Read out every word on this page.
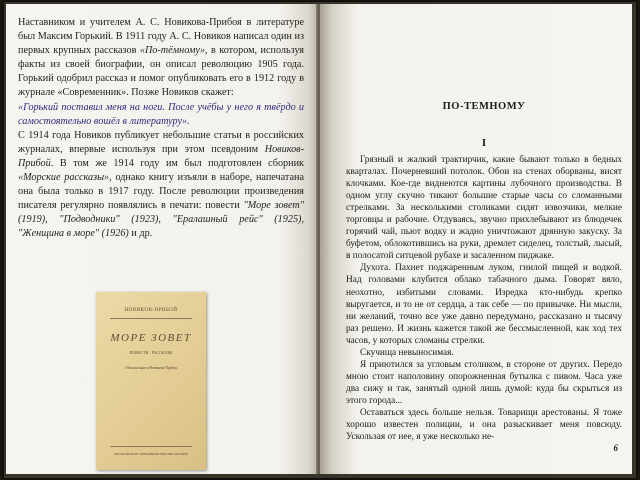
Наставником и учителем А. С. Новикова-Прибоя в литературе был Максим Горький. В 1911 году А. С. Новиков написал один из первых крупных рассказов «По-тёмному», в котором, используя факты из своей биографии, он описал революцию 1905 года. Горький одобрил рассказ и помог опубликовать его в 1912 году в журнале «Современник». Позже Новиков скажет:

«Горький поставил меня на ноги. После учёбы у него я твёрдо и самостоятельно вошёл в литературу».

С 1914 года Новиков публикует небольшие статьи в российских журналах, впервые используя при этом псевдоним Новиков-Прибой. В том же 1914 году им был подготовлен сборник «Морские рассказы», однако книгу изъяли в наборе, напечатана она была только в 1917 году. После революции произведения писателя регулярно появлялись в печати: повести "Море зовет" (1919), "Подводники" (1923), "Ералашный рейс" (1925), "Женщина в море" (1926) и др.

НОВИКОВ-ПРИБОЙ
МОРЕ ЗОВЕТ
ПОВЕСТИ · РАССКАЗЫ
Обложка книги Новикова-Прибоя
МОСКОВСКОЕ ТОВАРИЩЕСТВО ПИСАТЕЛЕЙ
ПО-ТЕМНОМУ
I

Грязный и жалкий трактирчик, какие бывают только в бедных кварталах. Почерневший потолок. Обои на стенах оборваны, висят клочками. Кое-где виднеются картины лубочного производства. В одном углу скучно тикают большие старые часы со сломанными стрелками. За несколькими столиками сидят извозчики, мелкие торговцы и рабочие. Отдуваясь, звучно прихлебывают из блюдечек горячий чай, пьют водку и жадно уничтожают дрянную закуску. За буфетом, облокотившись на руки, дремлет сиделец, толстый, лысый, в полосатой ситцевой рубахе и засаленном пиджаке.

Духота. Пахнет поджаренным луком, гнилой пищей и водкой. Над головами клубится облако табачного дыма. Говорят вяло, неохотно, избитыми словами. Изредка кто-нибудь крепко выругается, и то не от сердца, а так себе — по привычке. Ни мысли, ни желаний, точно все уже давно передумано, рассказано и тысячу раз решено. И жизнь кажется такой же бессмысленной, как ход тех часов, у которых сломаны стрелки.

Скучища невыносимая.

Я приютился за угловым столиком, в стороне от других. Передо мною стоит наполовину опорожненная бутылка с пивом. Часа уже два сижу и так, занятый одной лишь думой: куда бы скрыться из этого города...

Оставаться здесь больше нельзя. Товарищи арестованы. Я тоже хорошо известен полиции, и она разыскивает меня повсюду. Ускользая от нее, я уже несколько не-

6
